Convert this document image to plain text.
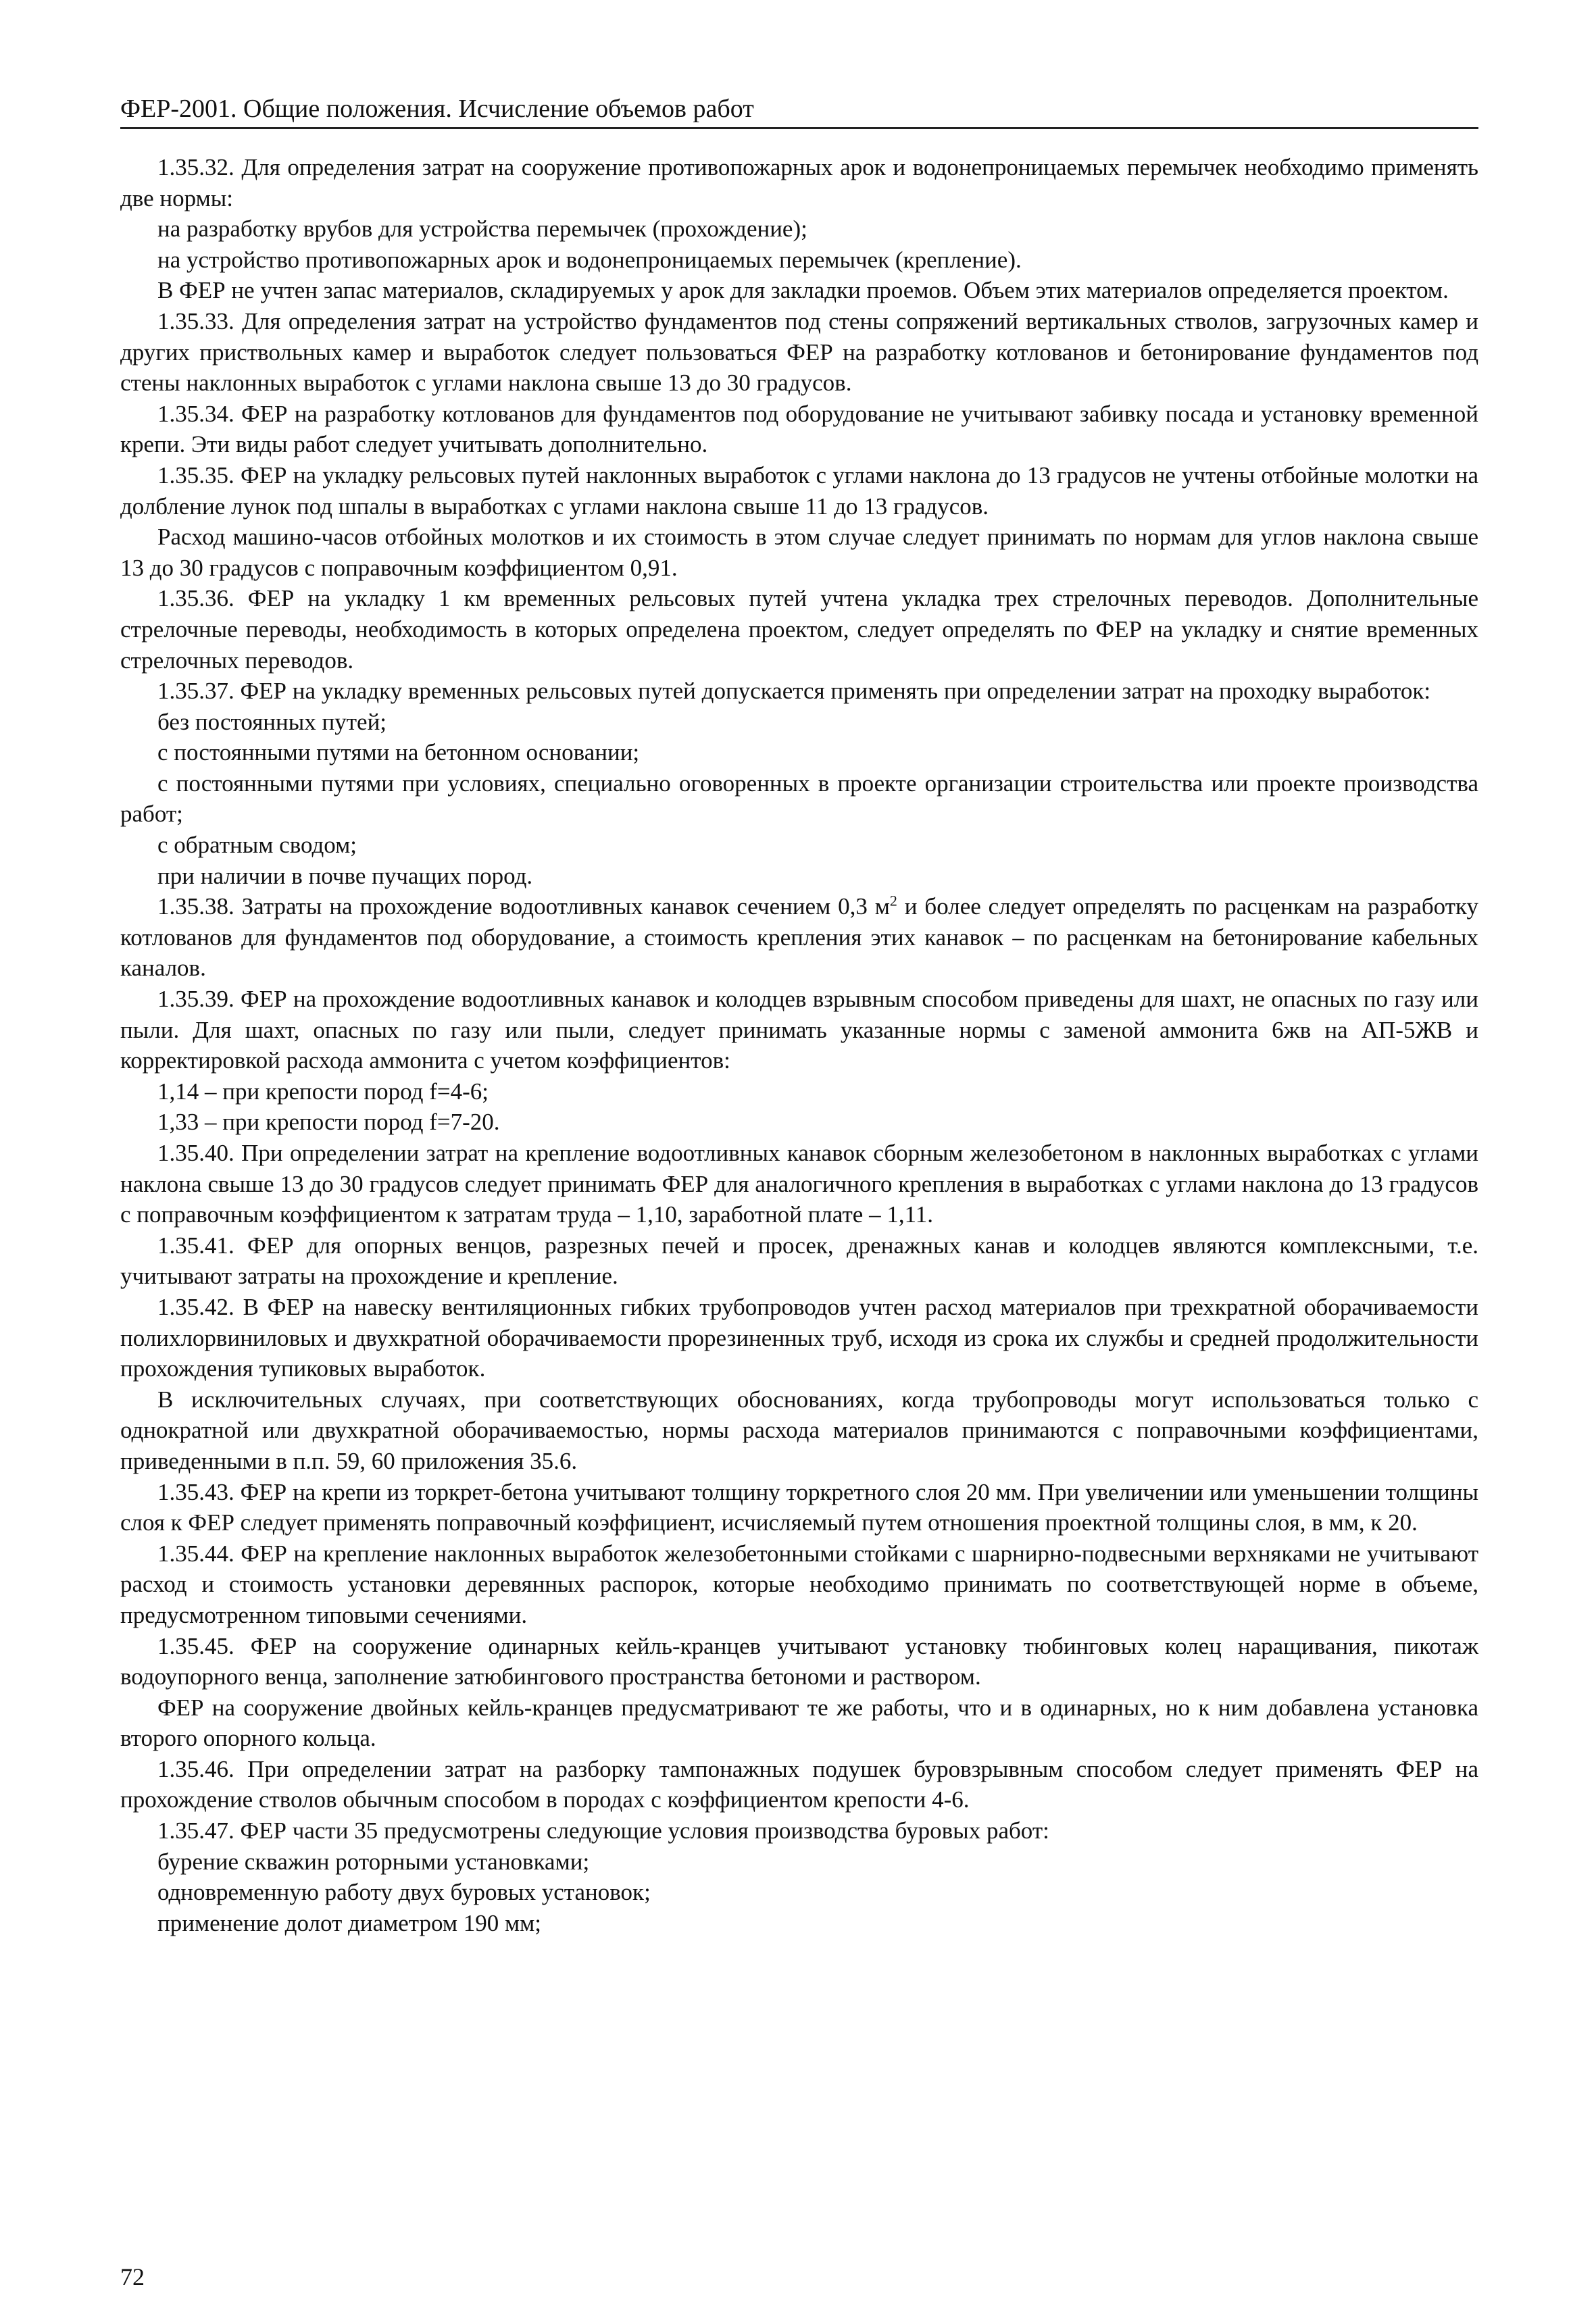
ФЕР-2001. Общие положения. Исчисление объемов работ

1.35.32. Для определения затрат на сооружение противопожарных арок и водонепроницаемых перемычек необходимо применять две нормы:

на разработку врубов для устройства перемычек (прохождение);

на устройство противопожарных арок и водонепроницаемых перемычек (крепление).

В ФЕР не учтен запас материалов, складируемых у арок для закладки проемов. Объем этих материалов определяется проектом.

1.35.33. Для определения затрат на устройство фундаментов под стены сопряжений вертикальных стволов, загрузочных камер и других приствольных камер и выработок следует пользоваться ФЕР на разработку котлованов и бетонирование фундаментов под стены наклонных выработок с углами наклона свыше 13 до 30 градусов.

1.35.34. ФЕР на разработку котлованов для фундаментов под оборудование не учитывают забивку посада и установку временной крепи. Эти виды работ следует учитывать дополнительно.

1.35.35. ФЕР на укладку рельсовых путей наклонных выработок с углами наклона до 13 градусов не учтены отбойные молотки на долбление лунок под шпалы в выработках с углами наклона свыше 11 до 13 градусов.

Расход машино-часов отбойных молотков и их стоимость в этом случае следует принимать по нормам для углов наклона свыше 13 до 30 градусов с поправочным коэффициентом 0,91.

1.35.36. ФЕР на укладку 1 км временных рельсовых путей учтена укладка трех стрелочных переводов. Дополнительные стрелочные переводы, необходимость в которых определена проектом, следует определять по ФЕР на укладку и снятие временных стрелочных переводов.

1.35.37. ФЕР на укладку временных рельсовых путей допускается применять при определении затрат на проходку выработок:

без постоянных путей;

с постоянными путями на бетонном основании;

с постоянными путями при условиях, специально оговоренных в проекте организации строительства или проекте производства работ;

с обратным сводом;

при наличии в почве пучащих пород.

1.35.38. Затраты на прохождение водоотливных канавок сечением 0,3 $м^2$ и более следует определять по расценкам на разработку котлованов для фундаментов под оборудование, а стоимость крепления этих канавок – по расценкам на бетонирование кабельных каналов.

1.35.39. ФЕР на прохождение водоотливных канавок и колодцев взрывным способом приведены для шахт, не опасных по газу или пыли. Для шахт, опасных по газу или пыли, следует принимать указанные нормы с заменой аммонита 6жв на АП-5ЖВ и корректировкой расхода аммонита с учетом коэффициентов:

1,14 – при крепости пород f=4-6;

1,33 – при крепости пород f=7-20.

1.35.40. При определении затрат на крепление водоотливных канавок сборным железобетоном в наклонных выработках с углами наклона свыше 13 до 30 градусов следует принимать ФЕР для аналогичного крепления в выработках с углами наклона до 13 градусов с поправочным коэффициентом к затратам труда – 1,10, заработной плате – 1,11.

1.35.41. ФЕР для опорных венцов, разрезных печей и просек, дренажных канав и колодцев являются комплексными, т.е. учитывают затраты на прохождение и крепление.

1.35.42. В ФЕР на навеску вентиляционных гибких трубопроводов учтен расход материалов при трехкратной оборачиваемости полихлорвиниловых и двухкратной оборачиваемости прорезиненных труб, исходя из срока их службы и средней продолжительности прохождения тупиковых выработок.

В исключительных случаях, при соответствующих обоснованиях, когда трубопроводы могут использоваться только с однократной или двухкратной оборачиваемостью, нормы расхода материалов принимаются с поправочными коэффициентами, приведенными в п.п. 59, 60 приложения 35.6.

1.35.43. ФЕР на крепи из торкрет-бетона учитывают толщину торкретного слоя 20 мм. При увеличении или уменьшении толщины слоя к ФЕР следует применять поправочный коэффициент, исчисляемый путем отношения проектной толщины слоя, в мм, к 20.

1.35.44. ФЕР на крепление наклонных выработок железобетонными стойками с шарнирно-подвесными верхняками не учитывают расход и стоимость установки деревянных распорок, которые необходимо принимать по соответствующей норме в объеме, предусмотренном типовыми сечениями.

1.35.45. ФЕР на сооружение одинарных кейль-кранцев учитывают установку тюбинговых колец наращивания, пикотаж водоупорного венца, заполнение затюбингового пространства бетономи и раствором.

ФЕР на сооружение двойных кейль-кранцев предусматривают те же работы, что и в одинарных, но к ним добавлена установка второго опорного кольца.

1.35.46. При определении затрат на разборку тампонажных подушек буровзрывным способом следует применять ФЕР на прохождение стволов обычным способом в породах с коэффициентом крепости 4-6.

1.35.47. ФЕР части 35 предусмотрены следующие условия производства буровых работ:

бурение скважин роторными установками;

одновременную работу двух буровых установок;

применение долот диаметром 190 мм;

72
